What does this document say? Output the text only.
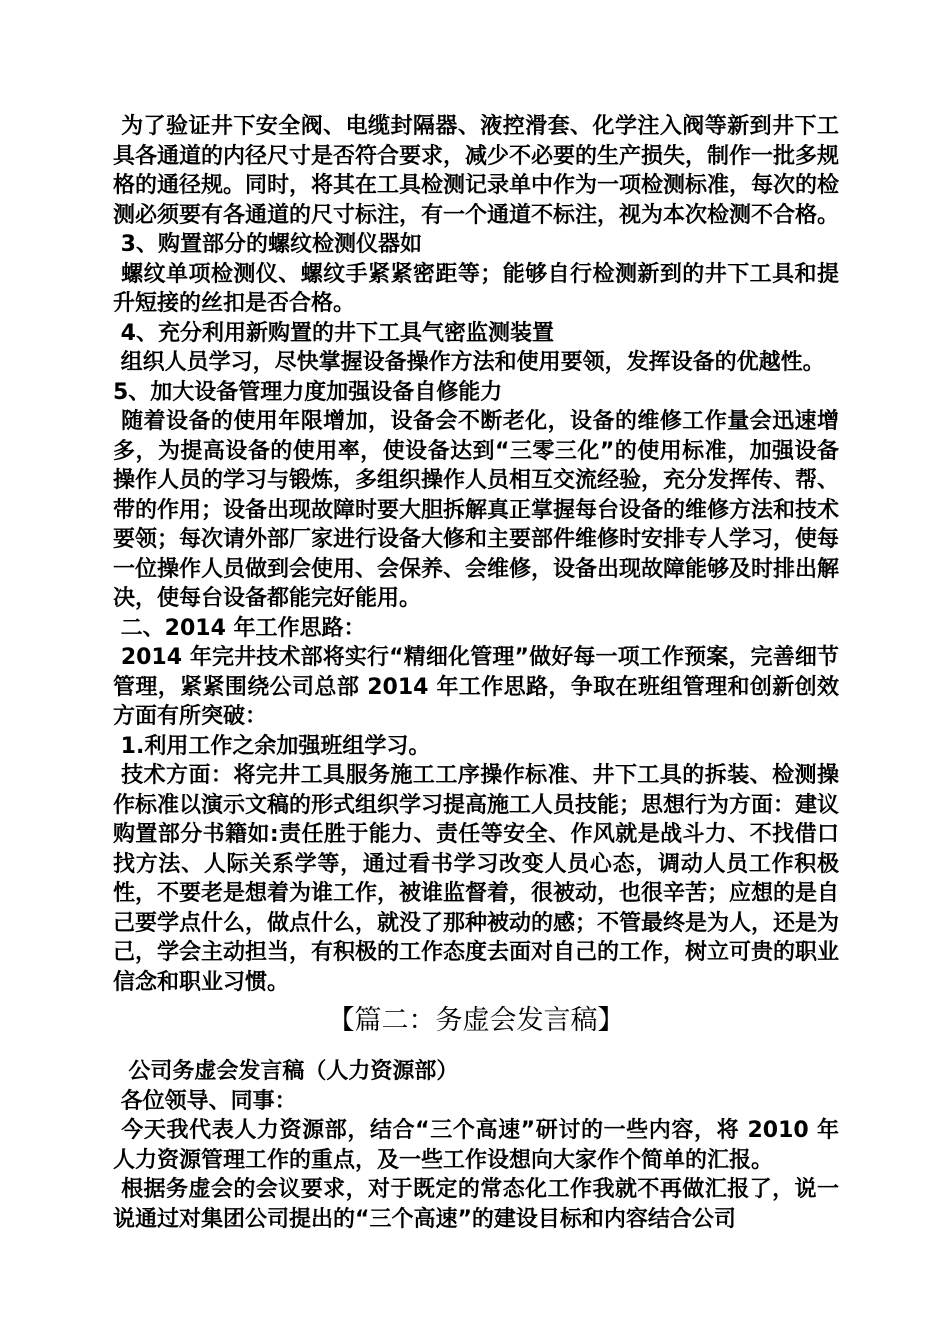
为了验证井下安全阀、电缆封隔器、液控滑套、化学注入阀等新到井下工具各通道的内径尺寸是否符合要求，减少不必要的生产损失，制作一批多规格的通径规。同时，将其在工具检测记录单中作为一项检测标准，每次的检测必须要有各通道的尺寸标注，有一个通道不标注，视为本次检测不合格。

3、购置部分的螺纹检测仪器如

螺纹单项检测仪、螺纹手紧紧密距等；能够自行检测新到的井下工具和提升短接的丝扣是否合格。

4、充分利用新购置的井下工具气密监测装置

组织人员学习，尽快掌握设备操作方法和使用要领，发挥设备的优越性。

5、加大设备管理力度加强设备自修能力

随着设备的使用年限增加，设备会不断老化，设备的维修工作量会迅速增多，为提高设备的使用率，使设备达到“三零三化”的使用标准，加强设备操作人员的学习与锻炼，多组织操作人员相互交流经验，充分发挥传、帮、带的作用；设备出现故障时要大胆拆解真正掌握每台设备的维修方法和技术要领；每次请外部厂家进行设备大修和主要部件维修时安排专人学习，使每一位操作人员做到会使用、会保养、会维修，设备出现故障能够及时排出解决，使每台设备都能完好能用。

二、2014 年工作思路：

2014 年完井技术部将实行“精细化管理”做好每一项工作预案，完善细节管理，紧紧围绕公司总部 2014 年工作思路，争取在班组管理和创新创效方面有所突破：

1.利用工作之余加强班组学习。

技术方面：将完井工具服务施工工序操作标准、井下工具的拆装、检测操作标准以演示文稿的形式组织学习提高施工人员技能；思想行为方面：建议购置部分书籍如:责任胜于能力、责任等安全、作风就是战斗力、不找借口找方法、人际关系学等，通过看书学习改变人员心态，调动人员工作积极性，不要老是想着为谁工作，被谁监督着，很被动，也很辛苦；应想的是自己要学点什么，做点什么，就没了那种被动的感；不管最终是为人，还是为己，学会主动担当，有积极的工作态度去面对自己的工作，树立可贵的职业信念和职业习惯。

【篇二：务虚会发言稿】

公司务虚会发言稿（人力资源部）

各位领导、同事：

今天我代表人力资源部，结合“三个高速”研讨的一些内容，将 2010 年人力资源管理工作的重点，及一些工作设想向大家作个简单的汇报。

根据务虚会的会议要求，对于既定的常态化工作我就不再做汇报了，说一说通过对集团公司提出的“三个高速”的建设目标和内容结合公司
